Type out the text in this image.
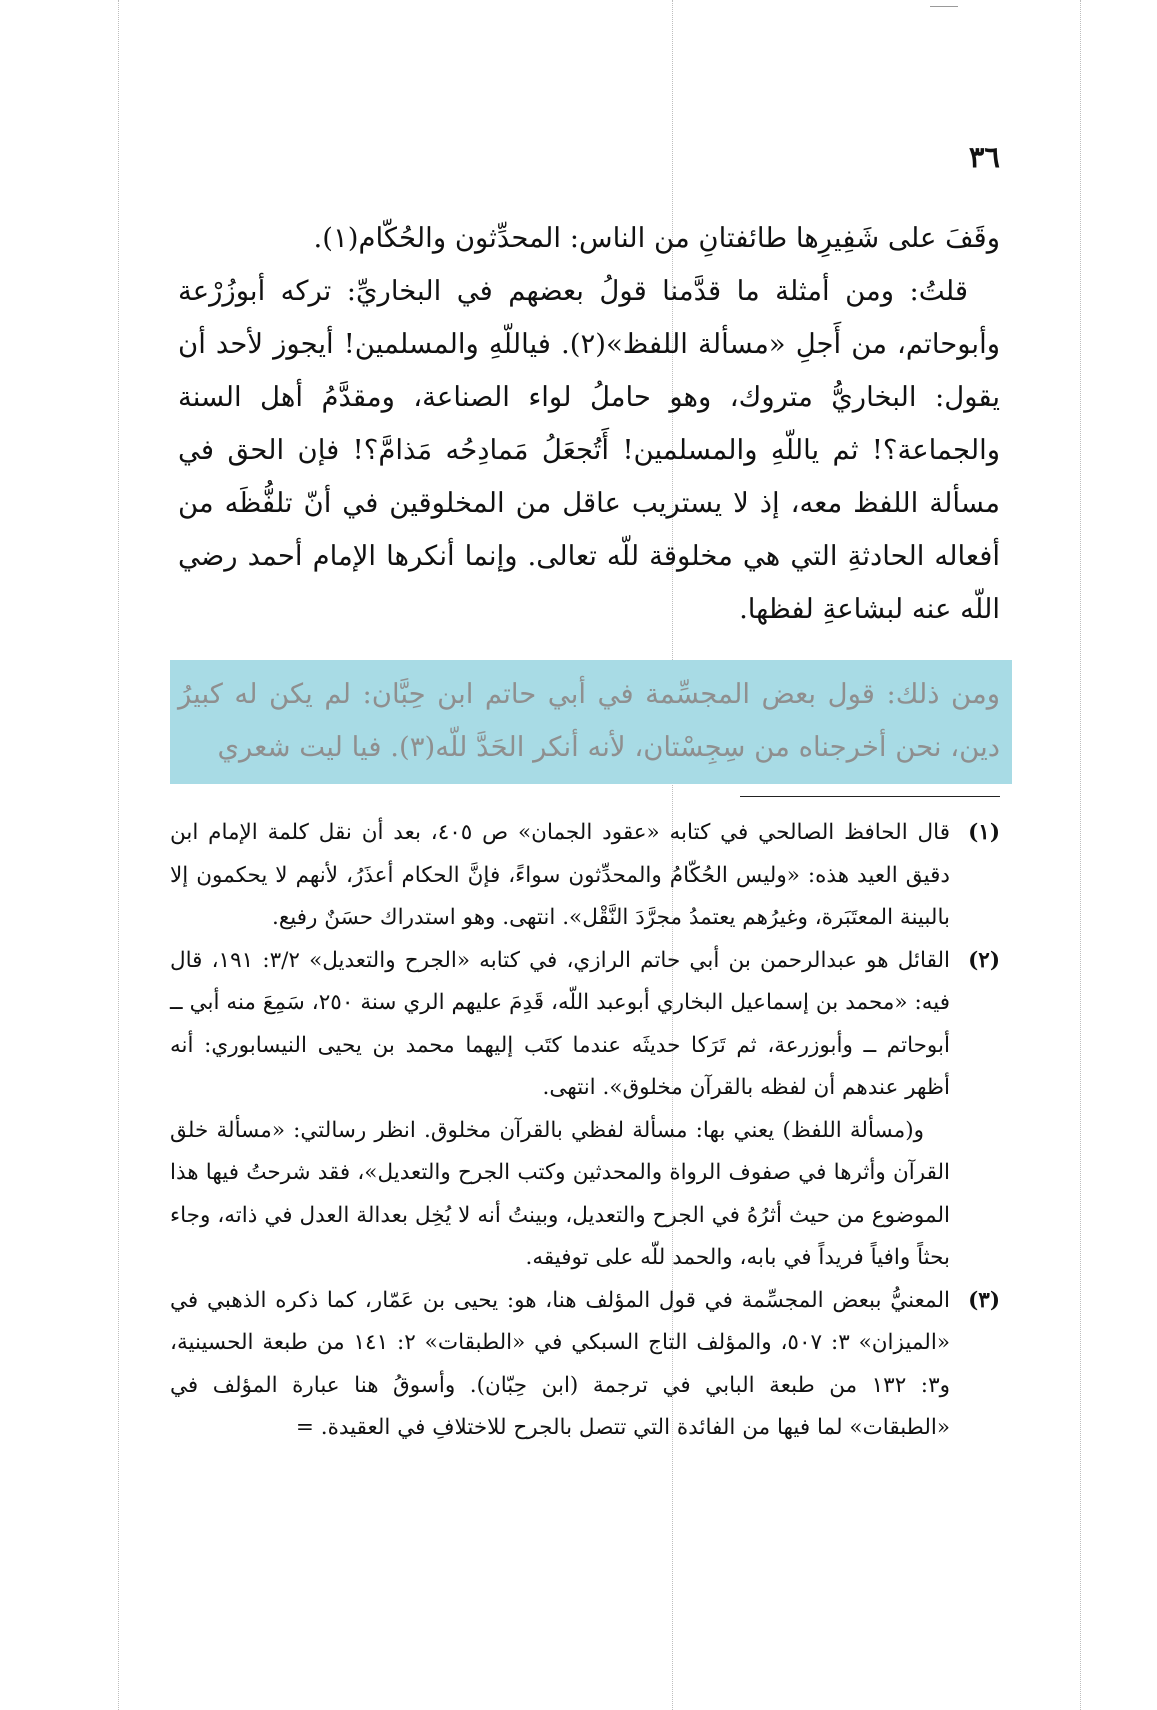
٣٦

وقَفَ على شَفِيرِها طائفتانِ من الناس: المحدِّثون والحُكّام(١).

قلتُ: ومن أمثلة ما قدَّمنا قولُ بعضهم في البخاريِّ: تركه أبوزُرْعة وأبوحاتم، من أَجلِ «مسألة اللفظ»(٢). فياللّهِ والمسلمين! أيجوز لأحد أن يقول: البخاريُّ متروك، وهو حاملُ لواء الصناعة، ومقدَّمُ أهل السنة والجماعة؟! ثم ياللّهِ والمسلمين! أَتُجعَلُ مَمادِحُه مَذامَّ؟! فإن الحق في مسألة اللفظ معه، إذ لا يستريب عاقل من المخلوقين في أنّ تلفُّظَه من أفعاله الحادثةِ التي هي مخلوقة للّه تعالى. وإنما أنكرها الإمام أحمد رضي اللّه عنه لبشاعةِ لفظها.

ومن ذلك: قول بعض المجسِّمة في أبي حاتم ابن حِبَّان: لم يكن له كبيرُ دين، نحن أخرجناه من سِجِسْتان، لأنه أنكر الحَدَّ للّه(٣). فيا ليت شعري
(١)

قال الحافظ الصالحي في كتابه «عقود الجمان» ص ٤٠٥، بعد أن نقل كلمة الإمام ابن دقيق العيد هذه: «وليس الحُكّامُ والمحدِّثون سواءً، فإنَّ الحكام أعذَرُ، لأنهم لا يحكمون إلا بالبينة المعتَبَرة، وغيرُهم يعتمدُ مجرَّدَ النَّقْل». انتهى. وهو استدراك حسَنٌ رفيع.

(٢)

القائل هو عبدالرحمن بن أبي حاتم الرازي، في كتابه «الجرح والتعديل» ٣/٢: ١٩١، قال فيه: «محمد بن إسماعيل البخاري أبوعبد اللّه، قَدِمَ عليهم الري سنة ٢٥٠، سَمِعَ منه أبي ــ أبوحاتم ــ وأبوزرعة، ثم تَرَكا حديثَه عندما كتَب إليهما محمد بن يحيى النيسابوري: أنه أظهر عندهم أن لفظه بالقرآن مخلوق». انتهى.

و(مسألة اللفظ) يعني بها: مسألة لفظي بالقرآن مخلوق. انظر رسالتي: «مسألة خلق القرآن وأثرها في صفوف الرواة والمحدثين وكتب الجرح والتعديل»، فقد شرحتُ فيها هذا الموضوع من حيث أثرُهُ في الجرح والتعديل، وبينتُ أنه لا يُخِل بعدالة العدل في ذاته، وجاء بحثاً وافياً فريداً في بابه، والحمد للّه على توفيقه.

(٣)

المعنيُّ ببعض المجسِّمة في قول المؤلف هنا، هو: يحيى بن عَمّار، كما ذكره الذهبي في «الميزان» ٣: ٥٠٧، والمؤلف التاج السبكي في «الطبقات» ٢: ١٤١ من طبعة الحسينية، و٣: ١٣٢ من طبعة البابي في ترجمة (ابن حِبّان). وأسوقُ هنا عبارة المؤلف في «الطبقات» لما فيها من الفائدة التي تتصل بالجرح للاختلافِ في العقيدة. =
